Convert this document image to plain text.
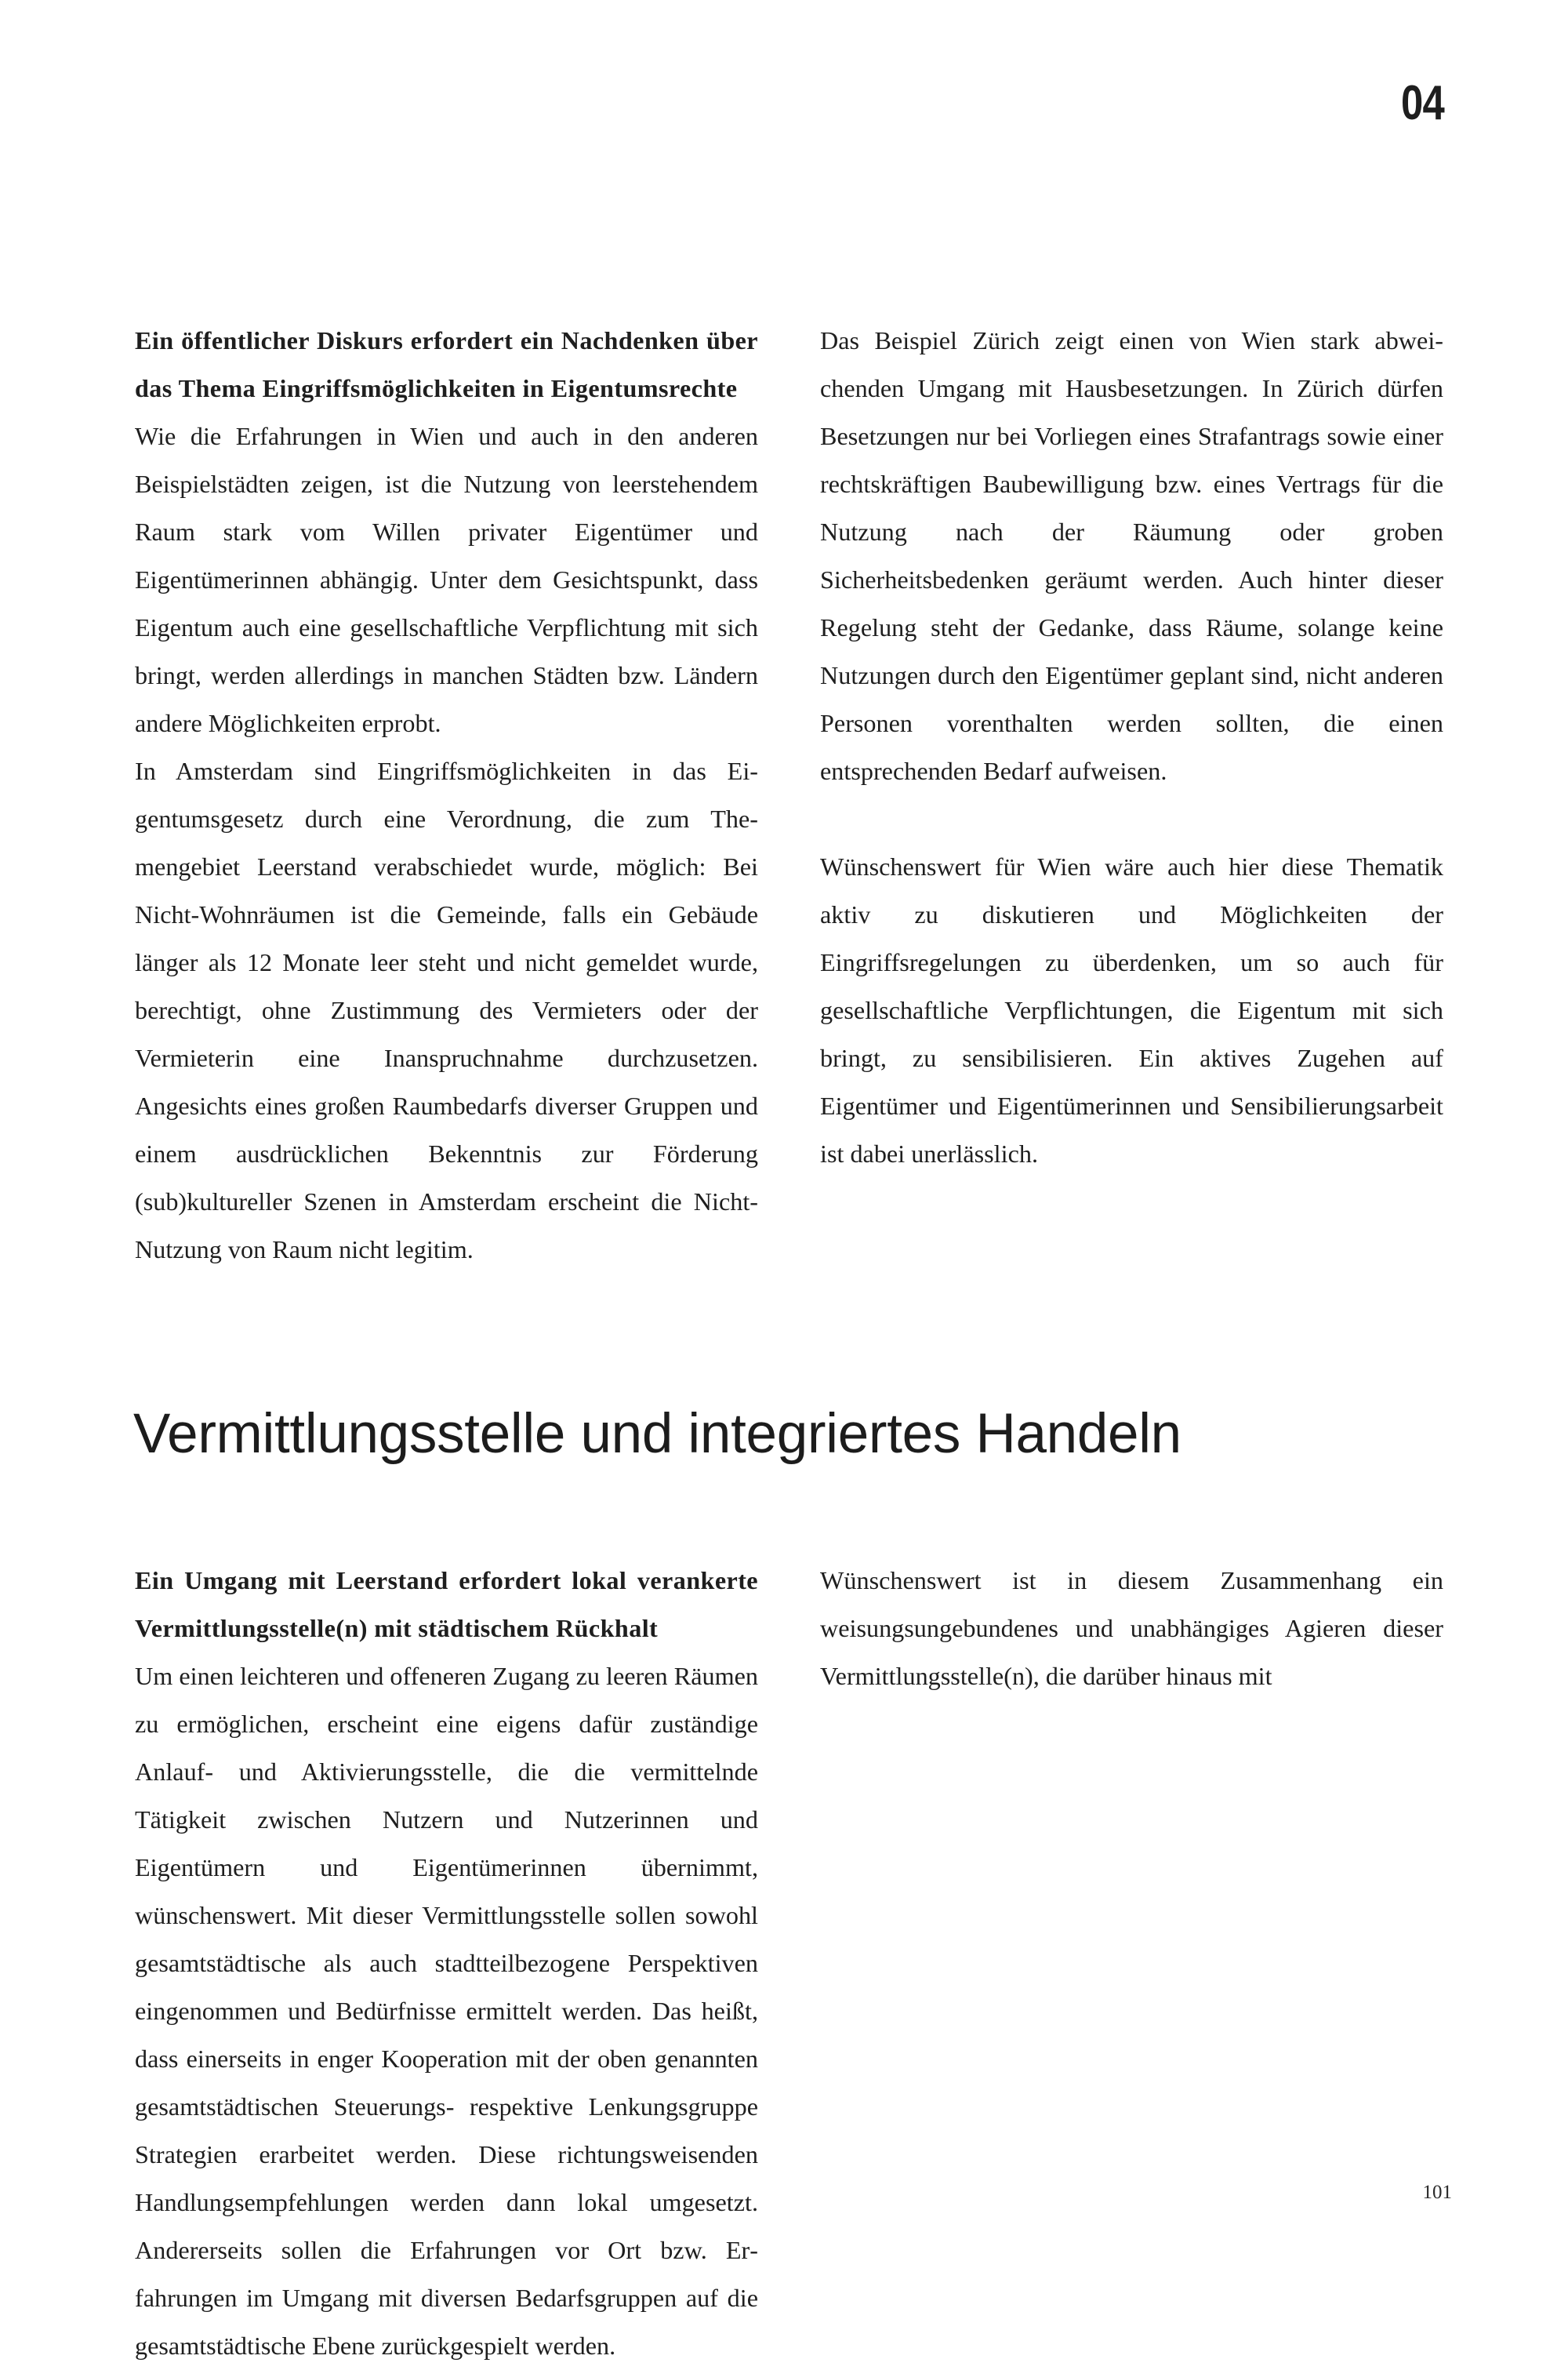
04

Ein öffentlicher Diskurs erfordert ein Nachdenken über das Thema Eingriffsmöglichkeiten in Eigentumsrechte

Wie die Erfahrungen in Wien und auch in den anderen Beispielstädten zeigen, ist die Nutzung von leerstehendem Raum stark vom Willen privater Eigentümer und Eigentümerinnen abhängig. Unter dem Gesichtspunkt, dass Eigentum auch eine gesellschaftliche Verpflichtung mit sich bringt, werden allerdings in manchen Städten bzw. Ländern andere Möglichkeiten erprobt.

In Amsterdam sind Eingriffsmöglichkeiten in das Eigentumsgesetz durch eine Verordnung, die zum Themengebiet Leerstand verabschiedet wurde, möglich: Bei Nicht-Wohnräumen ist die Gemeinde, falls ein Gebäude länger als 12 Monate leer steht und nicht gemeldet wurde, berechtigt, ohne Zustimmung des Vermieters oder der Vermieterin eine Inanspruchnahme durchzusetzen. Angesichts eines großen Raumbedarfs diverser Gruppen und einem ausdrücklichen Bekenntnis zur Förderung (sub)kultureller Szenen in Amsterdam erscheint die Nicht-Nutzung von Raum nicht legitim.

Das Beispiel Zürich zeigt einen von Wien stark abweichenden Umgang mit Hausbesetzungen. In Zürich dürfen Besetzungen nur bei Vorliegen eines Strafantrags sowie einer rechtskräftigen Baubewilligung bzw. eines Vertrags für die Nutzung nach der Räumung oder groben Sicherheitsbedenken geräumt werden. Auch hinter dieser Regelung steht der Gedanke, dass Räume, solange keine Nutzungen durch den Eigentümer geplant sind, nicht anderen Personen vorenthalten werden sollten, die einen entsprechenden Bedarf aufweisen.

Wünschenswert für Wien wäre auch hier diese Thematik aktiv zu diskutieren und Möglichkeiten der Eingriffsregelungen zu überdenken, um so auch für gesellschaftliche Verpflichtungen, die Eigentum mit sich bringt, zu sensibilisieren. Ein aktives Zugehen auf Eigentümer und Eigentümerinnen und Sensibilierungsarbeit ist dabei unerlässlich.

Vermittlungsstelle und integriertes Handeln

Ein Umgang mit Leerstand erfordert lokal verankerte Vermittlungsstelle(n) mit städtischem Rückhalt

Um einen leichteren und offeneren Zugang zu leeren Räumen zu ermöglichen, erscheint eine eigens dafür zuständige Anlauf- und Aktivierungsstelle, die die vermittelnde Tätigkeit zwischen Nutzern und Nutzerinnen und Eigentümern und Eigentümerinnen übernimmt, wünschenswert. Mit dieser Vermittlungsstelle sollen sowohl gesamtstädtische als auch stadtteilbezogene Perspektiven eingenommen und Bedürfnisse ermittelt werden. Das heißt, dass einerseits in enger Kooperation mit der oben genannten gesamtstädtischen Steuerungs- respektive Lenkungsgruppe Strategien erarbeitet werden. Diese richtungsweisenden Handlungsempfehlungen werden dann lokal umgesetzt. Andererseits sollen die Erfahrungen vor Ort bzw. Erfahrungen im Umgang mit diversen Bedarfsgruppen auf die gesamtstädtische Ebene zurückgespielt werden.

Wünschenswert ist in diesem Zusammenhang ein weisungsungebundenes und unabhängiges Agieren dieser Vermittlungsstelle(n), die darüber hinaus mit

101
